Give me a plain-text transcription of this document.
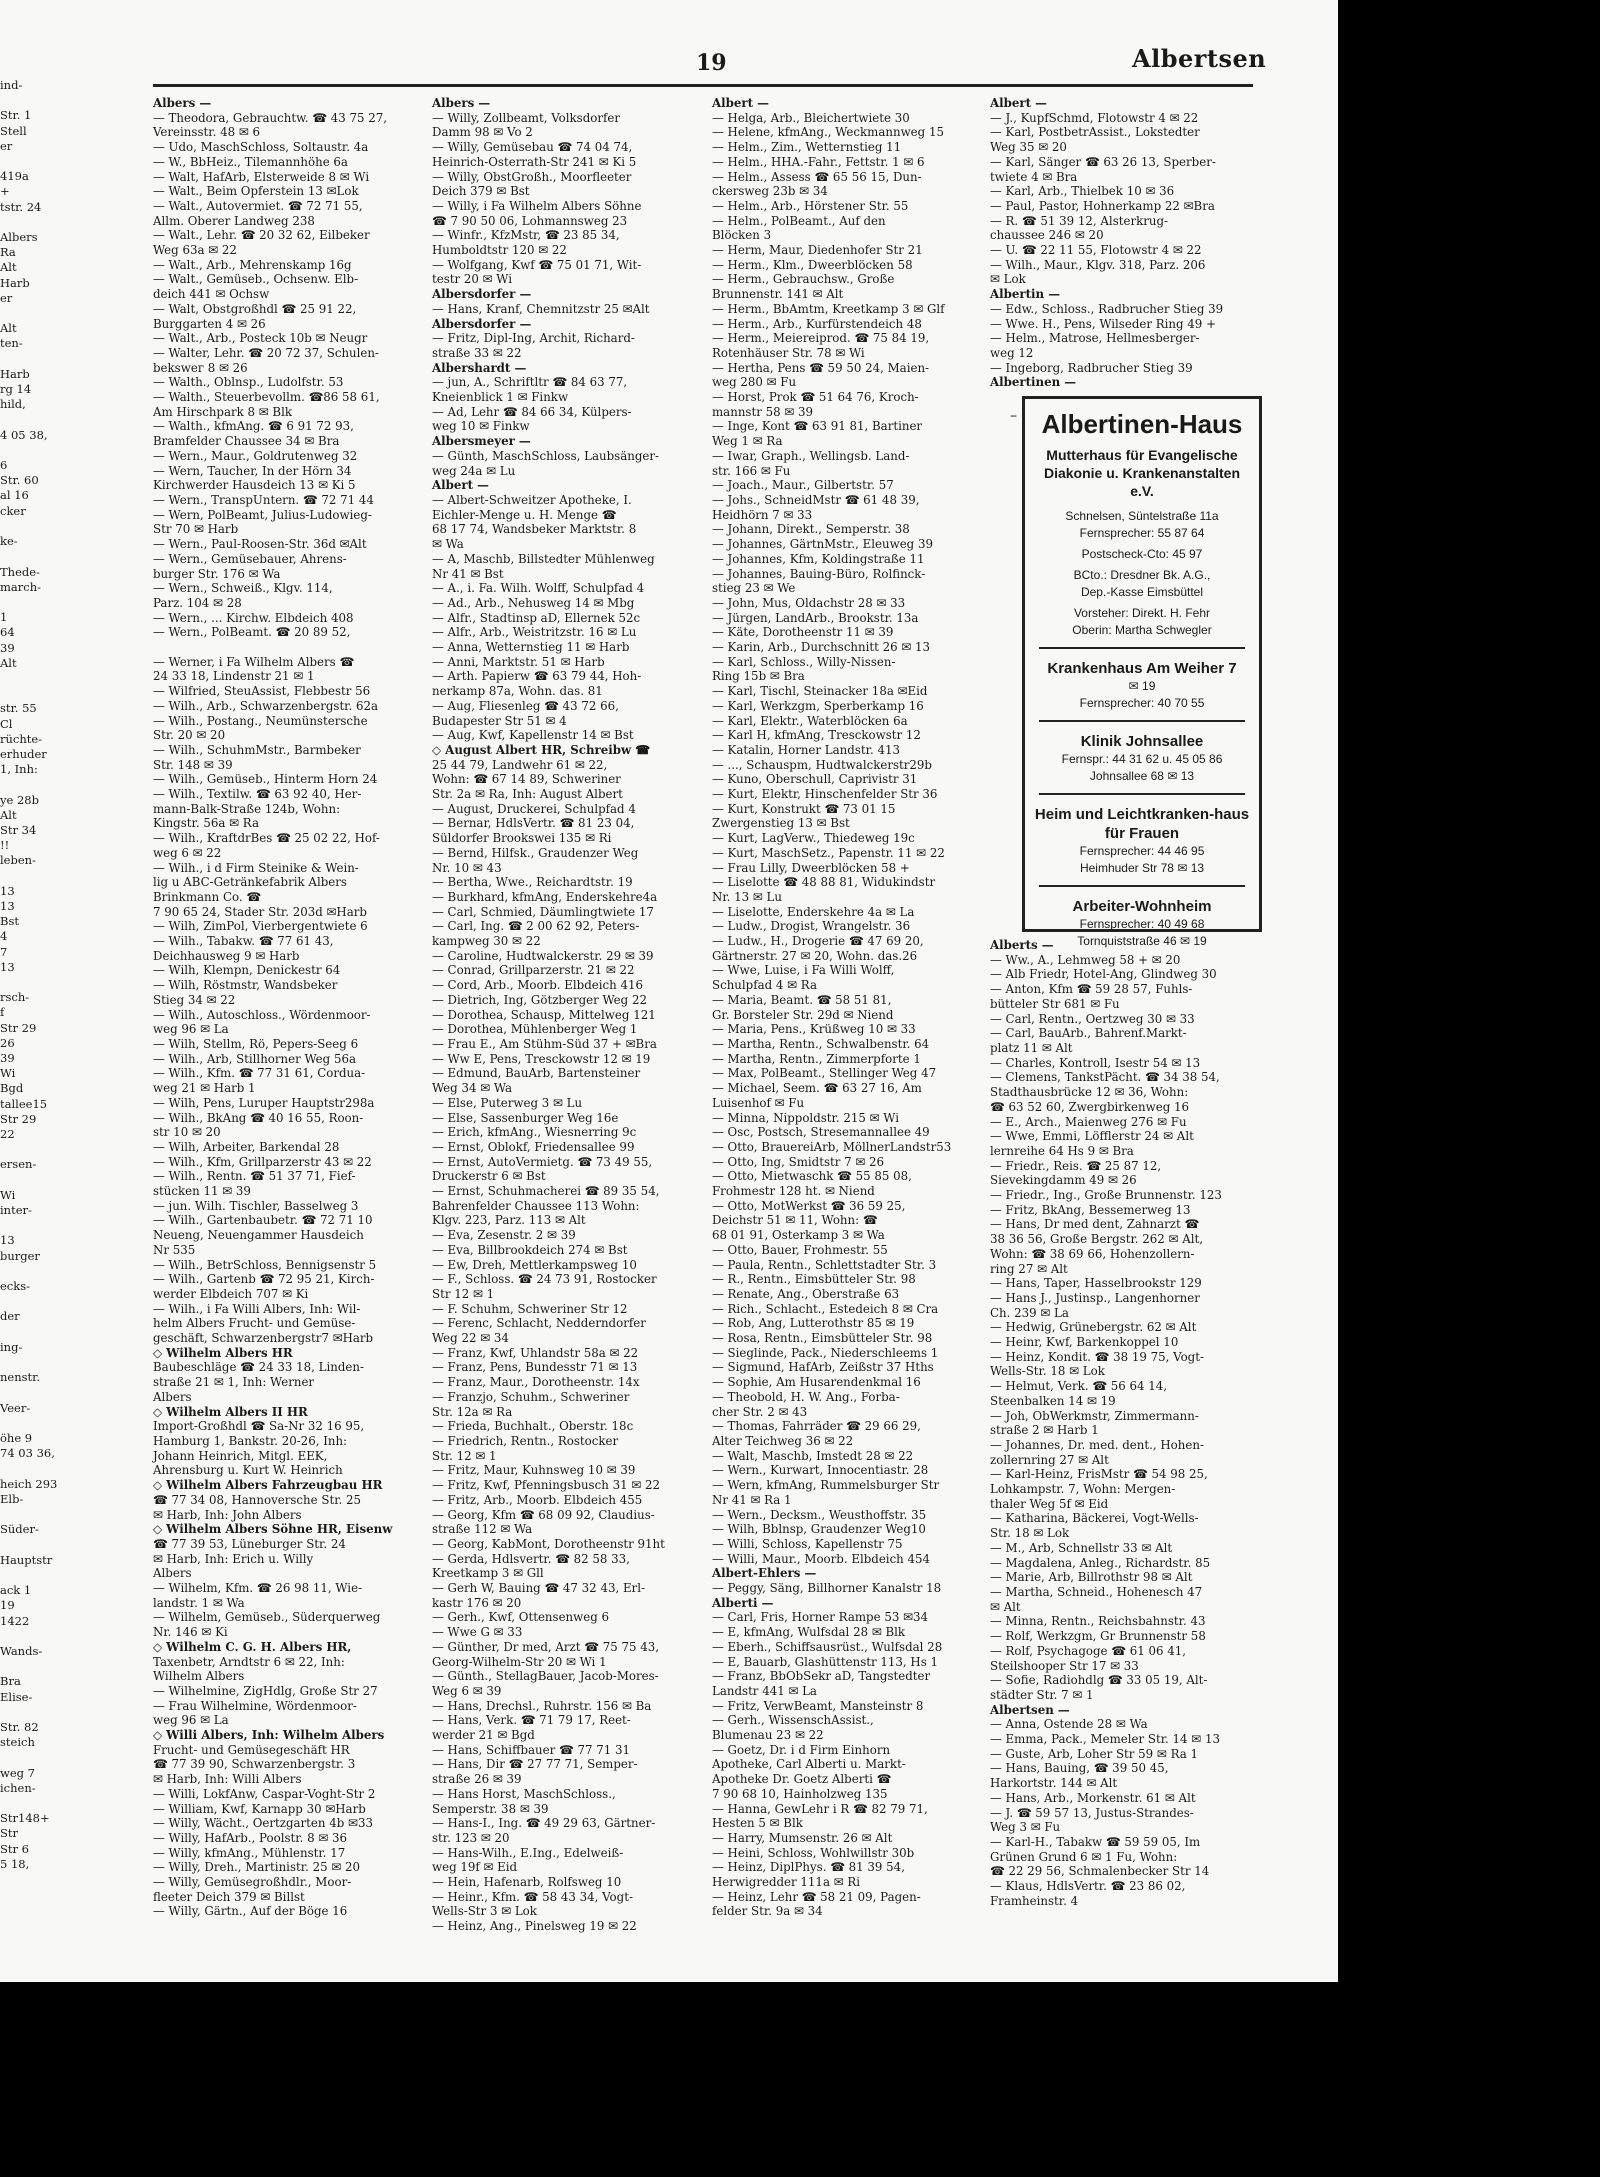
ind-

Str. 1
Stell
er

419a
+
tstr. 24

Albers
Ra
Alt
Harb
er

Alt
ten-

Harb
rg 14
hild,

4 05 38,

6
Str. 60
al 16
cker

ke-

Thede-
march-

1
64
39
Alt

str. 55
Cl
rüchte-
erhuder
1, Inh:

ye 28b
Alt
Str 34
!!
leben-

13
13
Bst
4
7
13

rsch-
f
Str 29
26
39
Wi
Bgd
tallee15
Str 29
22

ersen-

Wi
inter-

13
burger

ecks-

der

ing-

nenstr.

Veer-

öhe 9
74 03 36,

heich 293
Elb-

Süder-

Hauptstr

ack 1
19
1422

Wands-

Bra
Elise-

Str. 82
steich

weg 7
ichen-

Str148+
Str
Str 6
5 18,
19	Albertsen
Albers —
— Theodora, Gebrauchtw. ☎ 43 75 27,
Vereinsstr. 48 ✉ 6
— Udo, MaschSchloss, Soltaustr. 4a
— W., BbHeiz., Tilemannhöhe 6a
— Walt, HafArb, Elsterweide 8 ✉ Wi
— Walt., Beim Opferstein 13 ✉Lok
— Walt., Autovermiet. ☎ 72 71 55,
Allm. Oberer Landweg 238
— Walt., Lehr. ☎ 20 32 62, Eilbeker
Weg 63a ✉ 22
— Walt., Arb., Mehrenskamp 16g
— Walt., Gemüseb., Ochsenw. Elb-
deich 441 ✉ Ochsw
— Walt, Obstgroßhdl ☎ 25 91 22,
Burggarten 4 ✉ 26
— Walt., Arb., Posteck 10b ✉ Neugr
— Walter, Lehr. ☎ 20 72 37, Schulen-
bekswег 8 ✉ 26
— Walth., Oblnsp., Ludolfstr. 53
— Walth., Steuerbevollm. ☎86 58 61,
Am Hirschpark 8 ✉ Blk
— Walth., kfmAng. ☎ 6 91 72 93,
Bramfelder Chaussee 34 ✉ Bra
— Wern., Maur., Goldrutenweg 32
— Wern, Taucher, In der Hörn 34
Kirchwerder Hausdeich 13 ✉ Ki 5
— Wern., TranspUntern. ☎ 72 71 44
— Wern, PolBeamt, Julius-Ludowieg-
Str 70 ✉ Harb
— Wern., Paul-Roosen-Str. 36d ✉Alt
— Wern., Gemüsebauer, Ahrens-
burger Str. 176 ✉ Wa
— Wern., Schweiß., Klgv. 114,
Parz. 104 ✉ 28
— Wern., ... Kirchw. Elbdeich 408
— Wern., PolBeamt. ☎ 20 89 52,

— Werner, i Fa Wilhelm Albers ☎
24 33 18, Lindenstr 21 ✉ 1
— Wilfried, SteuAssist, Flebbestr 56
— Wilh., Arb., Schwarzenbergstr. 62a
— Wilh., Postang., Neumünstersche
Str. 20 ✉ 20
— Wilh., SchuhmMstr., Barmbeker
Str. 148 ✉ 39
— Wilh., Gemüseb., Hinterm Horn 24
— Wilh., Textilw. ☎ 63 92 40, Her-
mann-Balk-Straße 124b, Wohn:
Kingstr. 56a ✉ Ra
— Wilh., KraftdrBes ☎ 25 02 22, Hof-
weg 6 ✉ 22
— Wilh., i d Firm Steinike & Wein-
lig u ABC-Getränkefabrik Albers
Brinkmann Co. ☎
7 90 65 24, Stader Str. 203d ✉Harb
— Wilh, ZimPol, Vierbergentwiete 6
— Wilh., Tabakw. ☎ 77 61 43,
Deichhausweg 9 ✉ Harb
— Wilh, Klempn, Denickestr 64
— Wilh, Röstmstr, Wandsbeker
Stieg 34 ✉ 22
— Wilh., Autoschloss., Wördenmoor-
weg 96 ✉ La
— Wilh, Stellm, Rö, Pepers-Seeg 6
— Wilh., Arb, Stillhorner Weg 56a
— Wilh., Kfm. ☎ 77 31 61, Cordua-
weg 21 ✉ Harb 1
— Wilh, Pens, Luruper Hauptstr298a
— Wilh., BkAng ☎ 40 16 55, Roon-
str 10 ✉ 20
— Wilh, Arbeiter, Barkendal 28
— Wilh., Kfm, Grillparzerstr 43 ✉ 22
— Wilh., Rentn. ☎ 51 37 71, Fief-
stücken 11 ✉ 39
— jun. Wilh. Tischler, Basselweg 3
— Wilh., Gartenbaubetr. ☎ 72 71 10
Neueng, Neuengammer Hausdeich
Nr 535
— Wilh., BetrSchloss, Bennigsenstr 5
— Wilh., Gartenb ☎ 72 95 21, Kirch-
werder Elbdeich 707 ✉ Ki
— Wilh., i Fa Willi Albers, Inh: Wil-
helm Albers Frucht- und Gemüse-
geschäft, Schwarzenbergstr7 ✉Harb
◇ Wilhelm Albers HR
Baubeschläge ☎ 24 33 18, Linden-
straße 21 ✉ 1, Inh: Werner
Albers
◇ Wilhelm Albers II HR
Import-Großhdl ☎ Sa-Nr 32 16 95,
Hamburg 1, Bankstr. 20-26, Inh:
Johann Heinrich, Mitgl. EEK,
Ahrensburg u. Kurt W. Heinrich
◇ Wilhelm Albers Fahrzeugbau HR
☎ 77 34 08, Hannoversche Str. 25
✉ Harb, Inh: John Albers
◇ Wilhelm Albers Söhne HR, Eisenw
☎ 77 39 53, Lüneburger Str. 24
✉ Harb, Inh: Erich u. Willy
Albers
— Wilhelm, Kfm. ☎ 26 98 11, Wie-
landstr. 1 ✉ Wa
— Wilhelm, Gemüseb., Süderquerweg
Nr. 146 ✉ Ki
◇ Wilhelm C. G. H. Albers HR,
Taxenbetr, Arndtstr 6 ✉ 22, Inh:
Wilhelm Albers
— Wilhelmine, ZigHdlg, Große Str 27
— Frau Wilhelmine, Wördenmoor-
weg 96 ✉ La
◇ Willi Albers, Inh: Wilhelm Albers
Frucht- und Gemüsegeschäft HR
☎ 77 39 90, Schwarzenbergstr. 3
✉ Harb, Inh: Willi Albers
— Willi, LokfAnw, Caspar-Voght-Str 2
— William, Kwf, Karnapp 30 ✉Harb
— Willy, Wächt., Oertzgarten 4b ✉33
— Willy, HafArb., Poolstr. 8 ✉ 36
— Willy, kfmAng., Mühlenstr. 17
— Willy, Dreh., Martinistr. 25 ✉ 20
— Willy, Gemüsegroßhdlr., Moor-
fleeter Deich 379 ✉ Billst
— Willy, Gärtn., Auf der Böge 16
Albers —
— Willy, Zollbeamt, Volksdorfer
Damm 98 ✉ Vo 2
— Willy, Gemüsebau ☎ 74 04 74,
Heinrich-Osterrath-Str 241 ✉ Ki 5
— Willy, ObstGroßh., Moorfleeter
Deich 379 ✉ Bst
— Willy, i Fa Wilhelm Albers Söhne
☎ 7 90 50 06, Lohmannsweg 23
— Winfr., KfzMstr, ☎ 23 85 34,
Humboldtstr 120 ✉ 22
— Wolfgang, Kwf ☎ 75 01 71, Wit-
testr 20 ✉ Wi
Albersdorfer —
— Hans, Kranf, Chemnitzstr 25 ✉Alt
Albersdorfer —
— Fritz, Dipl-Ing, Archit, Richard-
straße 33 ✉ 22
Albershardt —
— jun, A., Schriftltr ☎ 84 63 77,
Kneienblick 1 ✉ Finkw
— Ad, Lehr ☎ 84 66 34, Külpers-
weg 10 ✉ Finkw
Albersmeyer —
— Günth, MaschSchloss, Laubsänger-
weg 24a ✉ Lu
Albert —
— Albert-Schweitzer Apotheke, I.
Eichler-Menge u. H. Menge ☎
68 17 74, Wandsbeker Marktstr. 8
✉ Wa
— A, Maschb, Billstedter Mühlenweg
Nr 41 ✉ Bst
— A., i. Fa. Wilh. Wolff, Schulpfad 4
— Ad., Arb., Nehusweg 14 ✉ Mbg
— Alfr., Stadtinsp aD, Ellernek 52c
— Alfr., Arb., Weistritzstr. 16 ✉ Lu
— Anna, Wetternstieg 11 ✉ Harb
— Anni, Marktstr. 51 ✉ Harb
— Arth. Papierw ☎ 63 79 44, Hoh-
nerkamp 87a, Wohn. das. 81
— Aug, Fliesenleg ☎ 43 72 66,
Budapester Str 51 ✉ 4
— Aug, Kwf, Kapellenstr 14 ✉ Bst
◇ August Albert HR, Schreibw ☎
25 44 79, Landwehr 61 ✉ 22,
Wohn: ☎ 67 14 89, Schweriner
Str. 2a ✉ Ra, Inh: August Albert
— August, Druckerei, Schulpfad 4
— Bernar, HdlsVertr. ☎ 81 23 04,
Süldorfer Brookswei 135 ✉ Ri
— Bernd, Hilfsk., Graudenzer Weg
Nr. 10 ✉ 43
— Bertha, Wwe., Reichardtstr. 19
— Burkhard, kfmAng, Enderskehre4a
— Carl, Schmied, Däumlingtwiete 17
— Carl, Ing. ☎ 2 00 62 92, Peters-
kampweg 30 ✉ 22
— Caroline, Hudtwalckerstr. 29 ✉ 39
— Conrad, Grillparzerstr. 21 ✉ 22
— Cord, Arb., Moorb. Elbdeich 416
— Dietrich, Ing, Götzberger Weg 22
— Dorothea, Schausp, Mittelweg 121
— Dorothea, Mühlenberger Weg 1
— Frau E., Am Stühm-Süd 37 + ✉Bra
— Ww E, Pens, Tresckowstr 12 ✉ 19
— Edmund, BauArb, Bartensteiner
Weg 34 ✉ Wa
— Else, Puterweg 3 ✉ Lu
— Else, Sassenburger Weg 16e
— Erich, kfmAng., Wiesnerring 9c
— Ernst, Oblokf, Friedensallee 99
— Ernst, AutoVermietg. ☎ 73 49 55,
Druckerstr 6 ✉ Bst
— Ernst, Schuhmacherei ☎ 89 35 54,
Bahrenfelder Chaussee 113 Wohn:
Klgv. 223, Parz. 113 ✉ Alt
— Eva, Zesenstr. 2 ✉ 39
— Eva, Billbrookdeich 274 ✉ Bst
— Ew, Dreh, Mettlerkampsweg 10
— F., Schloss. ☎ 24 73 91, Rostocker
Str 12 ✉ 1
— F. Schuhm, Schweriner Str 12
— Ferenc, Schlacht, Nedderndorfer
Weg 22 ✉ 34
— Franz, Kwf, Uhlandstr 58a ✉ 22
— Franz, Pens, Bundesstr 71 ✉ 13
— Franz, Maur., Dorotheenstr. 14x
— Franzjo, Schuhm., Schweriner
Str. 12a ✉ Ra
— Frieda, Buchhalt., Oberstr. 18c
— Friedrich, Rentn., Rostocker
Str. 12 ✉ 1
— Fritz, Maur, Kuhnsweg 10 ✉ 39
— Fritz, Kwf, Pfenningsbusch 31 ✉ 22
— Fritz, Arb., Moorb. Elbdeich 455
— Georg, Kfm ☎ 68 09 92, Claudius-
straße 112 ✉ Wa
— Georg, KabMont, Dorotheenstr 91ht
— Gerda, Hdlsvertr. ☎ 82 58 33,
Kreetkamp 3 ✉ Gll
— Gerh W, Bauing ☎ 47 32 43, Erl-
kastr 176 ✉ 20
— Gerh., Kwf, Ottensenweg 6
— Wwe G ✉ 33
— Günther, Dr med, Arzt ☎ 75 75 43,
Georg-Wilhelm-Str 20 ✉ Wi 1
— Günth., StellagBauer, Jacob-Mores-
Weg 6 ✉ 39
— Hans, Drechsl., Ruhrstr. 156 ✉ Ba
— Hans, Verk. ☎ 71 79 17, Reet-
werder 21 ✉ Bgd
— Hans, Schiffbauer ☎ 77 71 31
— Hans, Dir ☎ 27 77 71, Semper-
straße 26 ✉ 39
— Hans Horst, MaschSchloss.,
Semperstr. 38 ✉ 39
— Hans-I., Ing. ☎ 49 29 63, Gärtner-
str. 123 ✉ 20
— Hans-Wilh., E.Ing., Edelweiß-
weg 19f ✉ Eid
— Hein, Hafenarb, Rolfsweg 10
— Heinr., Kfm. ☎ 58 43 34, Vogt-
Wells-Str 3 ✉ Lok
— Heinz, Ang., Pinelsweg 19 ✉ 22
Albert —
— Helga, Arb., Bleichertwiete 30
— Helene, kfmAng., Weckmannweg 15
— Helm., Zim., Wetternstieg 11
— Helm., HHA.-Fahr., Fettstr. 1 ✉ 6
— Helm., Assess ☎ 65 56 15, Dun-
ckersweg 23b ✉ 34
— Helm., Arb., Hörstener Str. 55
— Helm., PolBeamt., Auf den
Blöcken 3
— Herm, Maur, Diedenhofer Str 21
— Herm., Klm., Dweerblöcken 58
— Herm., Gebrauchsw., Große
Brunnenstr. 141 ✉ Alt
— Herm., BbAmtm, Kreetkamp 3 ✉ Glf
— Herm., Arb., Kurfürstendeich 48
— Herm., Meiereiprod. ☎ 75 84 19,
Rotenhäuser Str. 78 ✉ Wi
— Hertha, Pens ☎ 59 50 24, Maien-
weg 280 ✉ Fu
— Horst, Prok ☎ 51 64 76, Kroch-
mannstr 58 ✉ 39
— Inge, Kont ☎ 63 91 81, Bartiner
Weg 1 ✉ Ra
— Iwar, Graph., Wellingsb. Land-
str. 166 ✉ Fu
— Joach., Maur., Gilbertstr. 57
— Johs., SchneidMstr ☎ 61 48 39,
Heidhörn 7 ✉ 33
— Johann, Direkt., Semperstr. 38
— Johannes, GärtnMstr., Eleuweg 39
— Johannes, Kfm, Koldingstraße 11
— Johannes, Bauing-Büro, Rolfinck-
stieg 23 ✉ We
— John, Mus, Oldachstr 28 ✉ 33
— Jürgen, LandArb., Brookstr. 13a
— Käte, Dorotheenstr 11 ✉ 39
— Karin, Arb., Durchschnitt 26 ✉ 13
— Karl, Schloss., Willy-Nissen-
Ring 15b ✉ Bra
— Karl, Tischl, Steinacker 18a ✉Eid
— Karl, Werkzgm, Sperberkamp 16
— Karl, Elektr., Waterblöcken 6a
— Karl H, kfmAng, Tresckowstr 12
— Katalin, Horner Landstr. 413
— ..., Schauspm, Hudtwalckerstr29b
— Kuno, Oberschull, Caprivistr 31
— Kurt, Elektr, Hinschenfelder Str 36
— Kurt, Konstrukt ☎ 73 01 15
Zwergenstieg 13 ✉ Bst
— Kurt, LagVerw., Thiedeweg 19c
— Kurt, MaschSetz., Papenstr. 11 ✉ 22
— Frau Lilly, Dweerblöcken 58 +
— Liselotte ☎ 48 88 81, Widukindstr
Nr. 13 ✉ Lu
— Liselotte, Enderskehre 4a ✉ La
— Ludw., Drogist, Wrangelstr. 36
— Ludw., H., Drogerie ☎ 47 69 20,
Gärtnerstr. 27 ✉ 20, Wohn. das.26
— Wwe, Luise, i Fa Willi Wolff,
Schulpfad 4 ✉ Ra
— Maria, Beamt. ☎ 58 51 81,
Gr. Borsteler Str. 29d ✉ Niend
— Maria, Pens., Krüßweg 10 ✉ 33
— Martha, Rentn., Schwalbenstr. 64
— Martha, Rentn., Zimmerpforte 1
— Max, PolBeamt., Stellinger Weg 47
— Michael, Seem. ☎ 63 27 16, Am
Luisenhof ✉ Fu
— Minna, Nippoldstr. 215 ✉ Wi
— Osc, Postsch, Stresemannallee 49
— Otto, BrauereiArb, MöllnerLandstr53
— Otto, Ing, Smidtstr 7 ✉ 26
— Otto, Mietwaschk ☎ 55 85 08,
Frohmestr 128 ht. ✉ Niend
— Otto, MotWerkst ☎ 36 59 25,
Deichstr 51 ✉ 11, Wohn: ☎
68 01 91, Osterkamp 3 ✉ Wa
— Otto, Bauer, Frohmestr. 55
— Paula, Rentn., Schlettstadter Str. 3
— R., Rentn., Eimsbütteler Str. 98
— Renate, Ang., Oberstraße 63
— Rich., Schlacht., Estedeich 8 ✉ Cra
— Rob, Ang, Lutterothstr 85 ✉ 19
— Rosa, Rentn., Eimsbütteler Str. 98
— Sieglinde, Pack., Niederschleems 1
— Sigmund, HafArb, Zeißstr 37 Hths
— Sophie, Am Husarendenkmal 16
— Theobold, H. W. Ang., Forba-
cher Str. 2 ✉ 43
— Thomas, Fahrräder ☎ 29 66 29,
Alter Teichweg 36 ✉ 22
— Walt, Maschb, Imstedt 28 ✉ 22
— Wern., Kurwart, Innocentiastr. 28
— Wern, kfmAng, Rummelsburger Str
Nr 41 ✉ Ra 1
— Wern., Decksm., Weusthoffstr. 35
— Wilh, Bblnsp, Graudenzer Weg10
— Willi, Schloss, Kapellenstr 75
— Willi, Maur., Moorb. Elbdeich 454
Albert-Ehlers —
— Peggy, Säng, Billhorner Kanalstr 18
Alberti —
— Carl, Fris, Horner Rampe 53 ✉34
— E, kfmAng, Wulfsdal 28 ✉ Blk
— Eberh., Schiffsausrüst., Wulfsdal 28
— E, Bauarb, Glashüttenstr 113, Hs 1
— Franz, BbObSekr aD, Tangstedter
Landstr 441 ✉ La
— Fritz, VerwBeamt, Mansteinstr 8
— Gerh., WissenschAssist.,
Blumenau 23 ✉ 22
— Goetz, Dr. i d Firm Einhorn
Apotheke, Carl Alberti u. Markt-
Apotheke Dr. Goetz Alberti ☎
7 90 68 10, Hainholzweg 135
— Hanna, GewLehr i R ☎ 82 79 71,
Hesten 5 ✉ Blk
— Harry, Mumsenstr. 26 ✉ Alt
— Heini, Schloss, Wohlwillstr 30b
— Heinz, DiplPhys. ☎ 81 39 54,
Herwigredder 111a ✉ Ri
— Heinz, Lehr ☎ 58 21 09, Pagen-
felder Str. 9a ✉ 34
Albert —
— J., KupfSchmd, Flotowstr 4 ✉ 22
— Karl, PostbetrAssist., Lokstedter
Weg 35 ✉ 20
— Karl, Sänger ☎ 63 26 13, Sperber-
twiete 4 ✉ Bra
— Karl, Arb., Thielbek 10 ✉ 36
— Paul, Pastor, Hohnerkamp 22 ✉Bra
— R. ☎ 51 39 12, Alsterkrug-
chaussee 246 ✉ 20
— U. ☎ 22 11 55, Flotowstr 4 ✉ 22
— Wilh., Maur., Klgv. 318, Parz. 206
✉ Lok
Albertin —
— Edw., Schloss., Radbrucher Stieg 39
— Wwe. H., Pens, Wilseder Ring 49 +
— Helm., Matrose, Hellmesberger-
weg 12
— Ingeborg, Radbrucher Stieg 39
Albertinen —
Alberts —
— Ww., A., Lehmweg 58 + ✉ 20
— Alb Friedr, Hotel-Ang, Glindweg 30
— Anton, Kfm ☎ 59 28 57, Fuhls-
bütteler Str 681 ✉ Fu
— Carl, Rentn., Oertzweg 30 ✉ 33
— Carl, BauArb., Bahrenf.Markt-
platz 11 ✉ Alt
— Charles, Kontroll, Isestr 54 ✉ 13
— Clemens, TankstPächt. ☎ 34 38 54,
Stadthausbrücke 12 ✉ 36, Wohn:
☎ 63 52 60, Zwergbirkenweg 16
— E., Arch., Maienweg 276 ✉ Fu
— Wwe, Emmi, Löfflerstr 24 ✉ Alt
lernreihe 64 Hs 9 ✉ Bra
— Friedr., Reis. ☎ 25 87 12,
Sievekingdamm 49 ✉ 26
— Friedr., Ing., Große Brunnenstr. 123
— Fritz, BkAng, Bessemerweg 13
— Hans, Dr med dent, Zahnarzt ☎
38 36 56, Große Bergstr. 262 ✉ Alt,
Wohn: ☎ 38 69 66, Hohenzollern-
ring 27 ✉ Alt
— Hans, Taper, Hasselbrookstr 129
— Hans J., Justinsp., Langenhorner
Ch. 239 ✉ La
— Hedwig, Grünebergstr. 62 ✉ Alt
— Heinr, Kwf, Barkenkoppel 10
— Heinz, Kondit. ☎ 38 19 75, Vogt-
Wells-Str. 18 ✉ Lok
— Helmut, Verk. ☎ 56 64 14,
Steenbalken 14 ✉ 19
— Joh, ObWerkmstr, Zimmermann-
straße 2 ✉ Harb 1
— Johannes, Dr. med. dent., Hohen-
zollernring 27 ✉ Alt
— Karl-Heinz, FrisMstr ☎ 54 98 25,
Lohkampstr. 7, Wohn: Mergen-
thaler Weg 5f ✉ Eid
— Katharina, Bäckerei, Vogt-Wells-
Str. 18 ✉ Lok
— M., Arb, Schnellstr 33 ✉ Alt
— Magdalena, Anleg., Richardstr. 85
— Marie, Arb, Billrothstr 98 ✉ Alt
— Martha, Schneid., Hohenesch 47
✉ Alt
— Minna, Rentn., Reichsbahnstr. 43
— Rolf, Werkzgm, Gr Brunnenstr 58
— Rolf, Psychagoge ☎ 61 06 41,
Steilshooper Str 17 ✉ 33
— Sofie, Radiohdlg ☎ 33 05 19, Alt-
städter Str. 7 ✉ 1
Albertsen —
— Anna, Ostende 28 ✉ Wa
— Emma, Pack., Memeler Str. 14 ✉ 13
— Guste, Arb, Loher Str 59 ✉ Ra 1
— Hans, Bauing, ☎ 39 50 45,
Harkortstr. 144 ✉ Alt
— Hans, Arb., Morkenstr. 61 ✉ Alt
— J. ☎ 59 57 13, Justus-Strandes-
Weg 3 ✉ Fu
— Karl-H., Tabakw ☎ 59 59 05, Im
Grünen Grund 6 ✉ 1 Fu, Wohn:
☎ 22 29 56, Schmalenbecker Str 14
— Klaus, HdlsVertr. ☎ 23 86 02,
Framheinstr. 4
– Albertinen-Haus
Mutterhaus für Evangelische
Diakonie u. Krankenanstalten
e.V.
Schnelsen, Süntelstraße 11a
Fernsprecher: 55 87 64
Postscheck-Cto: 45 97
BCto.: Dresdner Bk. A.G.,
Dep.-Kasse Eimsbüttel
Vorsteher: Direkt. H. Fehr
Oberin: Martha Schwegler
Krankenhaus Am Weiher 7
✉ 19
Fernsprecher: 40 70 55
Klinik Johnsallee
Fernspr.: 44 31 62 u. 45 05 86
Johnsallee 68 ✉ 13
Heim und Leichtkranken-haus für Frauen
Fernsprecher: 44 46 95
Heimhuder Str 78 ✉ 13
Arbeiter-Wohnheim
Fernsprecher: 40 49 68
Tornquiststraße 46 ✉ 19
